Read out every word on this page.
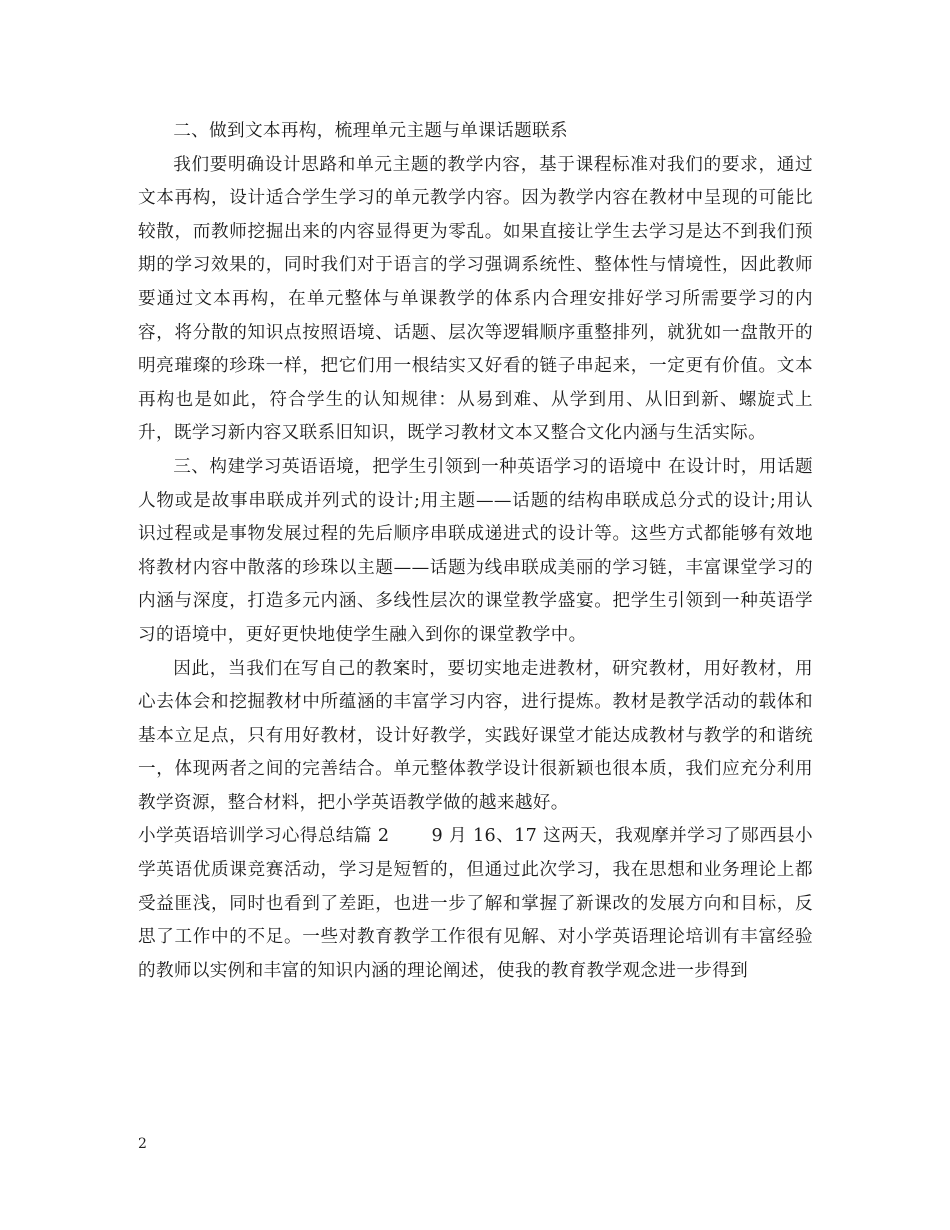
二、做到文本再构，梳理单元主题与单课话题联系

我们要明确设计思路和单元主题的教学内容，基于课程标准对我们的要求，通过文本再构，设计适合学生学习的单元教学内容。因为教学内容在教材中呈现的可能比较散，而教师挖掘出来的内容显得更为零乱。如果直接让学生去学习是达不到我们预期的学习效果的，同时我们对于语言的学习强调系统性、整体性与情境性，因此教师要通过文本再构，在单元整体与单课教学的体系内合理安排好学习所需要学习的内容，将分散的知识点按照语境、话题、层次等逻辑顺序重整排列，就犹如一盘散开的明亮璀璨的珍珠一样，把它们用一根结实又好看的链子串起来，一定更有价值。文本再构也是如此，符合学生的认知规律：从易到难、从学到用、从旧到新、螺旋式上升，既学习新内容又联系旧知识，既学习教材文本又整合文化内涵与生活实际。

三、构建学习英语语境，把学生引领到一种英语学习的语境中 在设计时，用话题人物或是故事串联成并列式的设计;用主题——话题的结构串联成总分式的设计;用认识过程或是事物发展过程的先后顺序串联成递进式的设计等。这些方式都能够有效地将教材内容中散落的珍珠以主题——话题为线串联成美丽的学习链，丰富课堂学习的内涵与深度，打造多元内涵、多线性层次的课堂教学盛宴。把学生引领到一种英语学习的语境中，更好更快地使学生融入到你的课堂教学中。

因此，当我们在写自己的教案时，要切实地走进教材，研究教材，用好教材，用心去体会和挖掘教材中所蕴涵的丰富学习内容，进行提炼。教材是教学活动的载体和基本立足点，只有用好教材，设计好教学，实践好课堂才能达成教材与教学的和谐统一，体现两者之间的完善结合。单元整体教学设计很新颖也很本质，我们应充分利用教学资源，整合材料，把小学英语教学做的越来越好。

小学英语培训学习心得总结篇 2　　 9 月 16、17 这两天，我观摩并学习了郧西县小学英语优质课竞赛活动，学习是短暂的，但通过此次学习，我在思想和业务理论上都受益匪浅，同时也看到了差距，也进一步了解和掌握了新课改的发展方向和目标，反思了工作中的不足。一些对教育教学工作很有见解、对小学英语理论培训有丰富经验的教师以实例和丰富的知识内涵的理论阐述，使我的教育教学观念进一步得到

2
